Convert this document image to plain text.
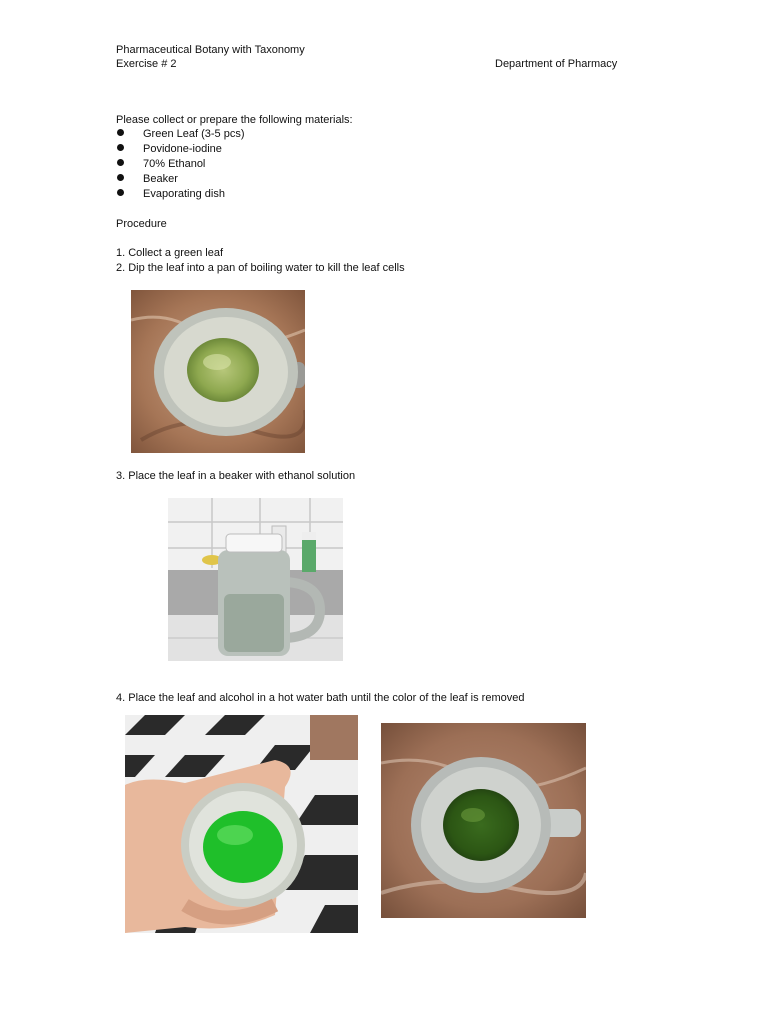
Pharmaceutical Botany with Taxonomy
Exercise # 2	Department of Pharmacy
Please collect or prepare the following materials:
Green Leaf (3-5 pcs)
Povidone-iodine
70% Ethanol
Beaker
Evaporating dish
Procedure
1. Collect a green leaf
2. Dip the leaf into a pan of boiling water to kill the leaf cells
3. Place the leaf in a beaker with ethanol solution
4. Place the leaf and alcohol in a hot water bath until the color of the leaf is removed
